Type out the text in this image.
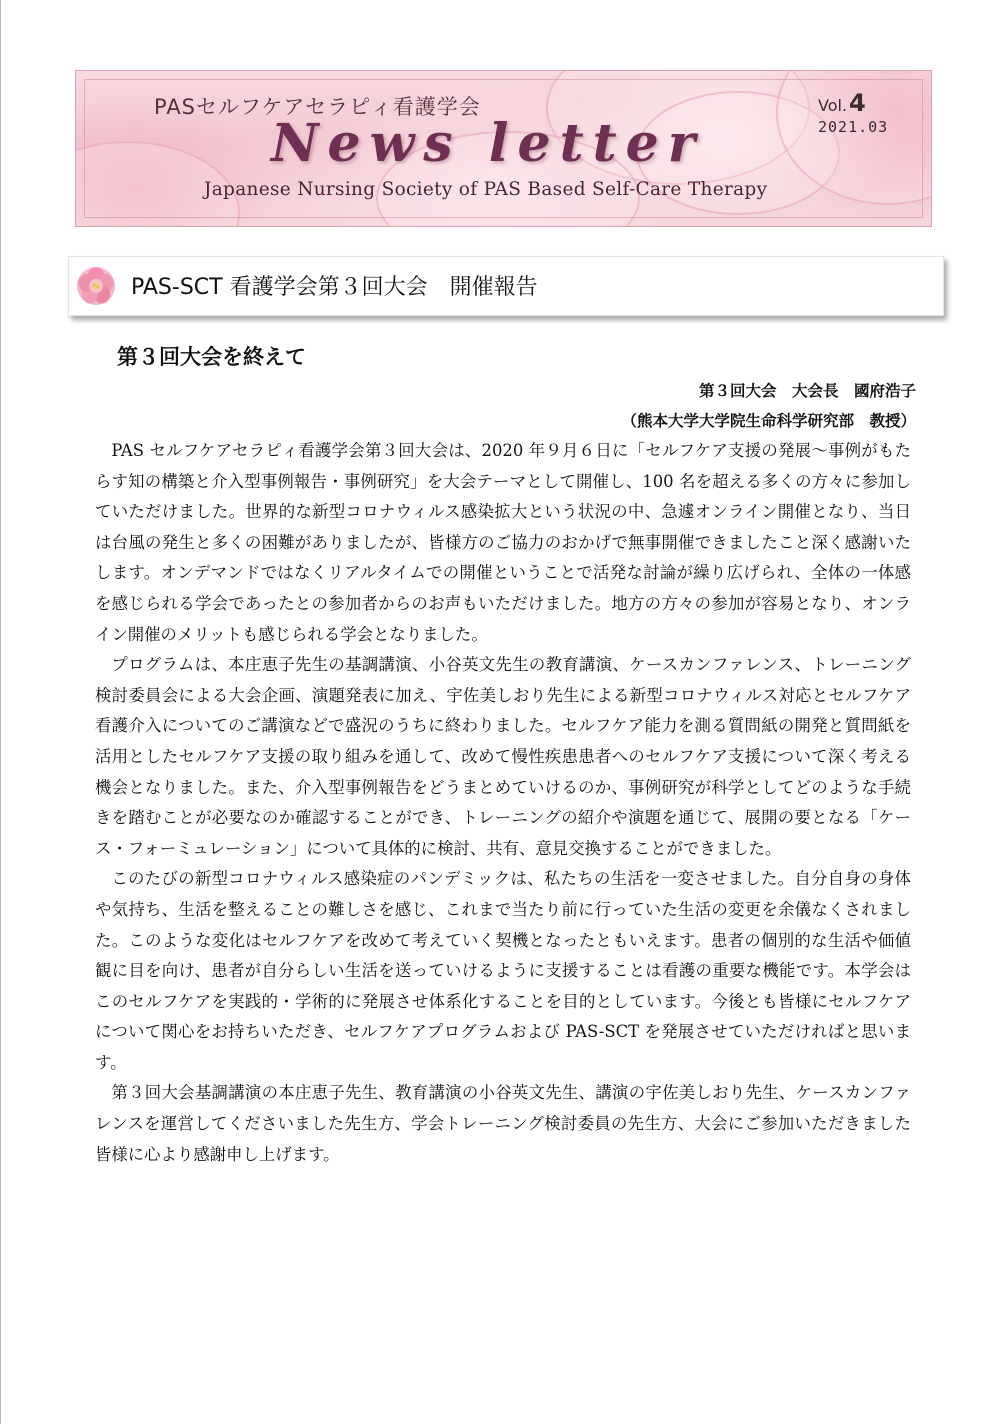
PASセルフケアセラピィ看護学会
News letter
Japanese Nursing Society of PAS Based Self-Care Therapy
Vol.4
2021.03
PAS-SCT 看護学会第３回大会　開催報告
第３回大会を終えて
第３回大会　大会長　國府浩子
（熊本大学大学院生命科学研究部　教授）

PAS セルフケアセラピィ看護学会第３回大会は、2020 年９月６日に「セルフケア支援の発展～事例がもたらす知の構築と介入型事例報告・事例研究」を大会テーマとして開催し、100 名を超える多くの方々に参加していただけました。世界的な新型コロナウィルス感染拡大という状況の中、急遽オンライン開催となり、当日は台風の発生と多くの困難がありましたが、皆様方のご協力のおかげで無事開催できましたこと深く感謝いたします。オンデマンドではなくリアルタイムでの開催ということで活発な討論が繰り広げられ、全体の一体感を感じられる学会であったとの参加者からのお声もいただけました。地方の方々の参加が容易となり、オンライン開催のメリットも感じられる学会となりました。

プログラムは、本庄恵子先生の基調講演、小谷英文先生の教育講演、ケースカンファレンス、トレーニング検討委員会による大会企画、演題発表に加え、宇佐美しおり先生による新型コロナウィルス対応とセルフケア看護介入についてのご講演などで盛況のうちに終わりました。セルフケア能力を測る質問紙の開発と質問紙を活用としたセルフケア支援の取り組みを通して、改めて慢性疾患患者へのセルフケア支援について深く考える機会となりました。また、介入型事例報告をどうまとめていけるのか、事例研究が科学としてどのような手続きを踏むことが必要なのか確認することができ、トレーニングの紹介や演題を通じて、展開の要となる「ケース・フォーミュレーション」について具体的に検討、共有、意見交換することができました。

このたびの新型コロナウィルス感染症のパンデミックは、私たちの生活を一変させました。自分自身の身体や気持ち、生活を整えることの難しさを感じ、これまで当たり前に行っていた生活の変更を余儀なくされました。このような変化はセルフケアを改めて考えていく契機となったともいえます。患者の個別的な生活や価値観に目を向け、患者が自分らしい生活を送っていけるように支援することは看護の重要な機能です。本学会はこのセルフケアを実践的・学術的に発展させ体系化することを目的としています。今後とも皆様にセルフケアについて関心をお持ちいただき、セルフケアプログラムおよび PAS-SCT を発展させていただければと思います。

第３回大会基調講演の本庄恵子先生、教育講演の小谷英文先生、講演の宇佐美しおり先生、ケースカンファレンスを運営してくださいました先生方、学会トレーニング検討委員の先生方、大会にご参加いただきました皆様に心より感謝申し上げます。
